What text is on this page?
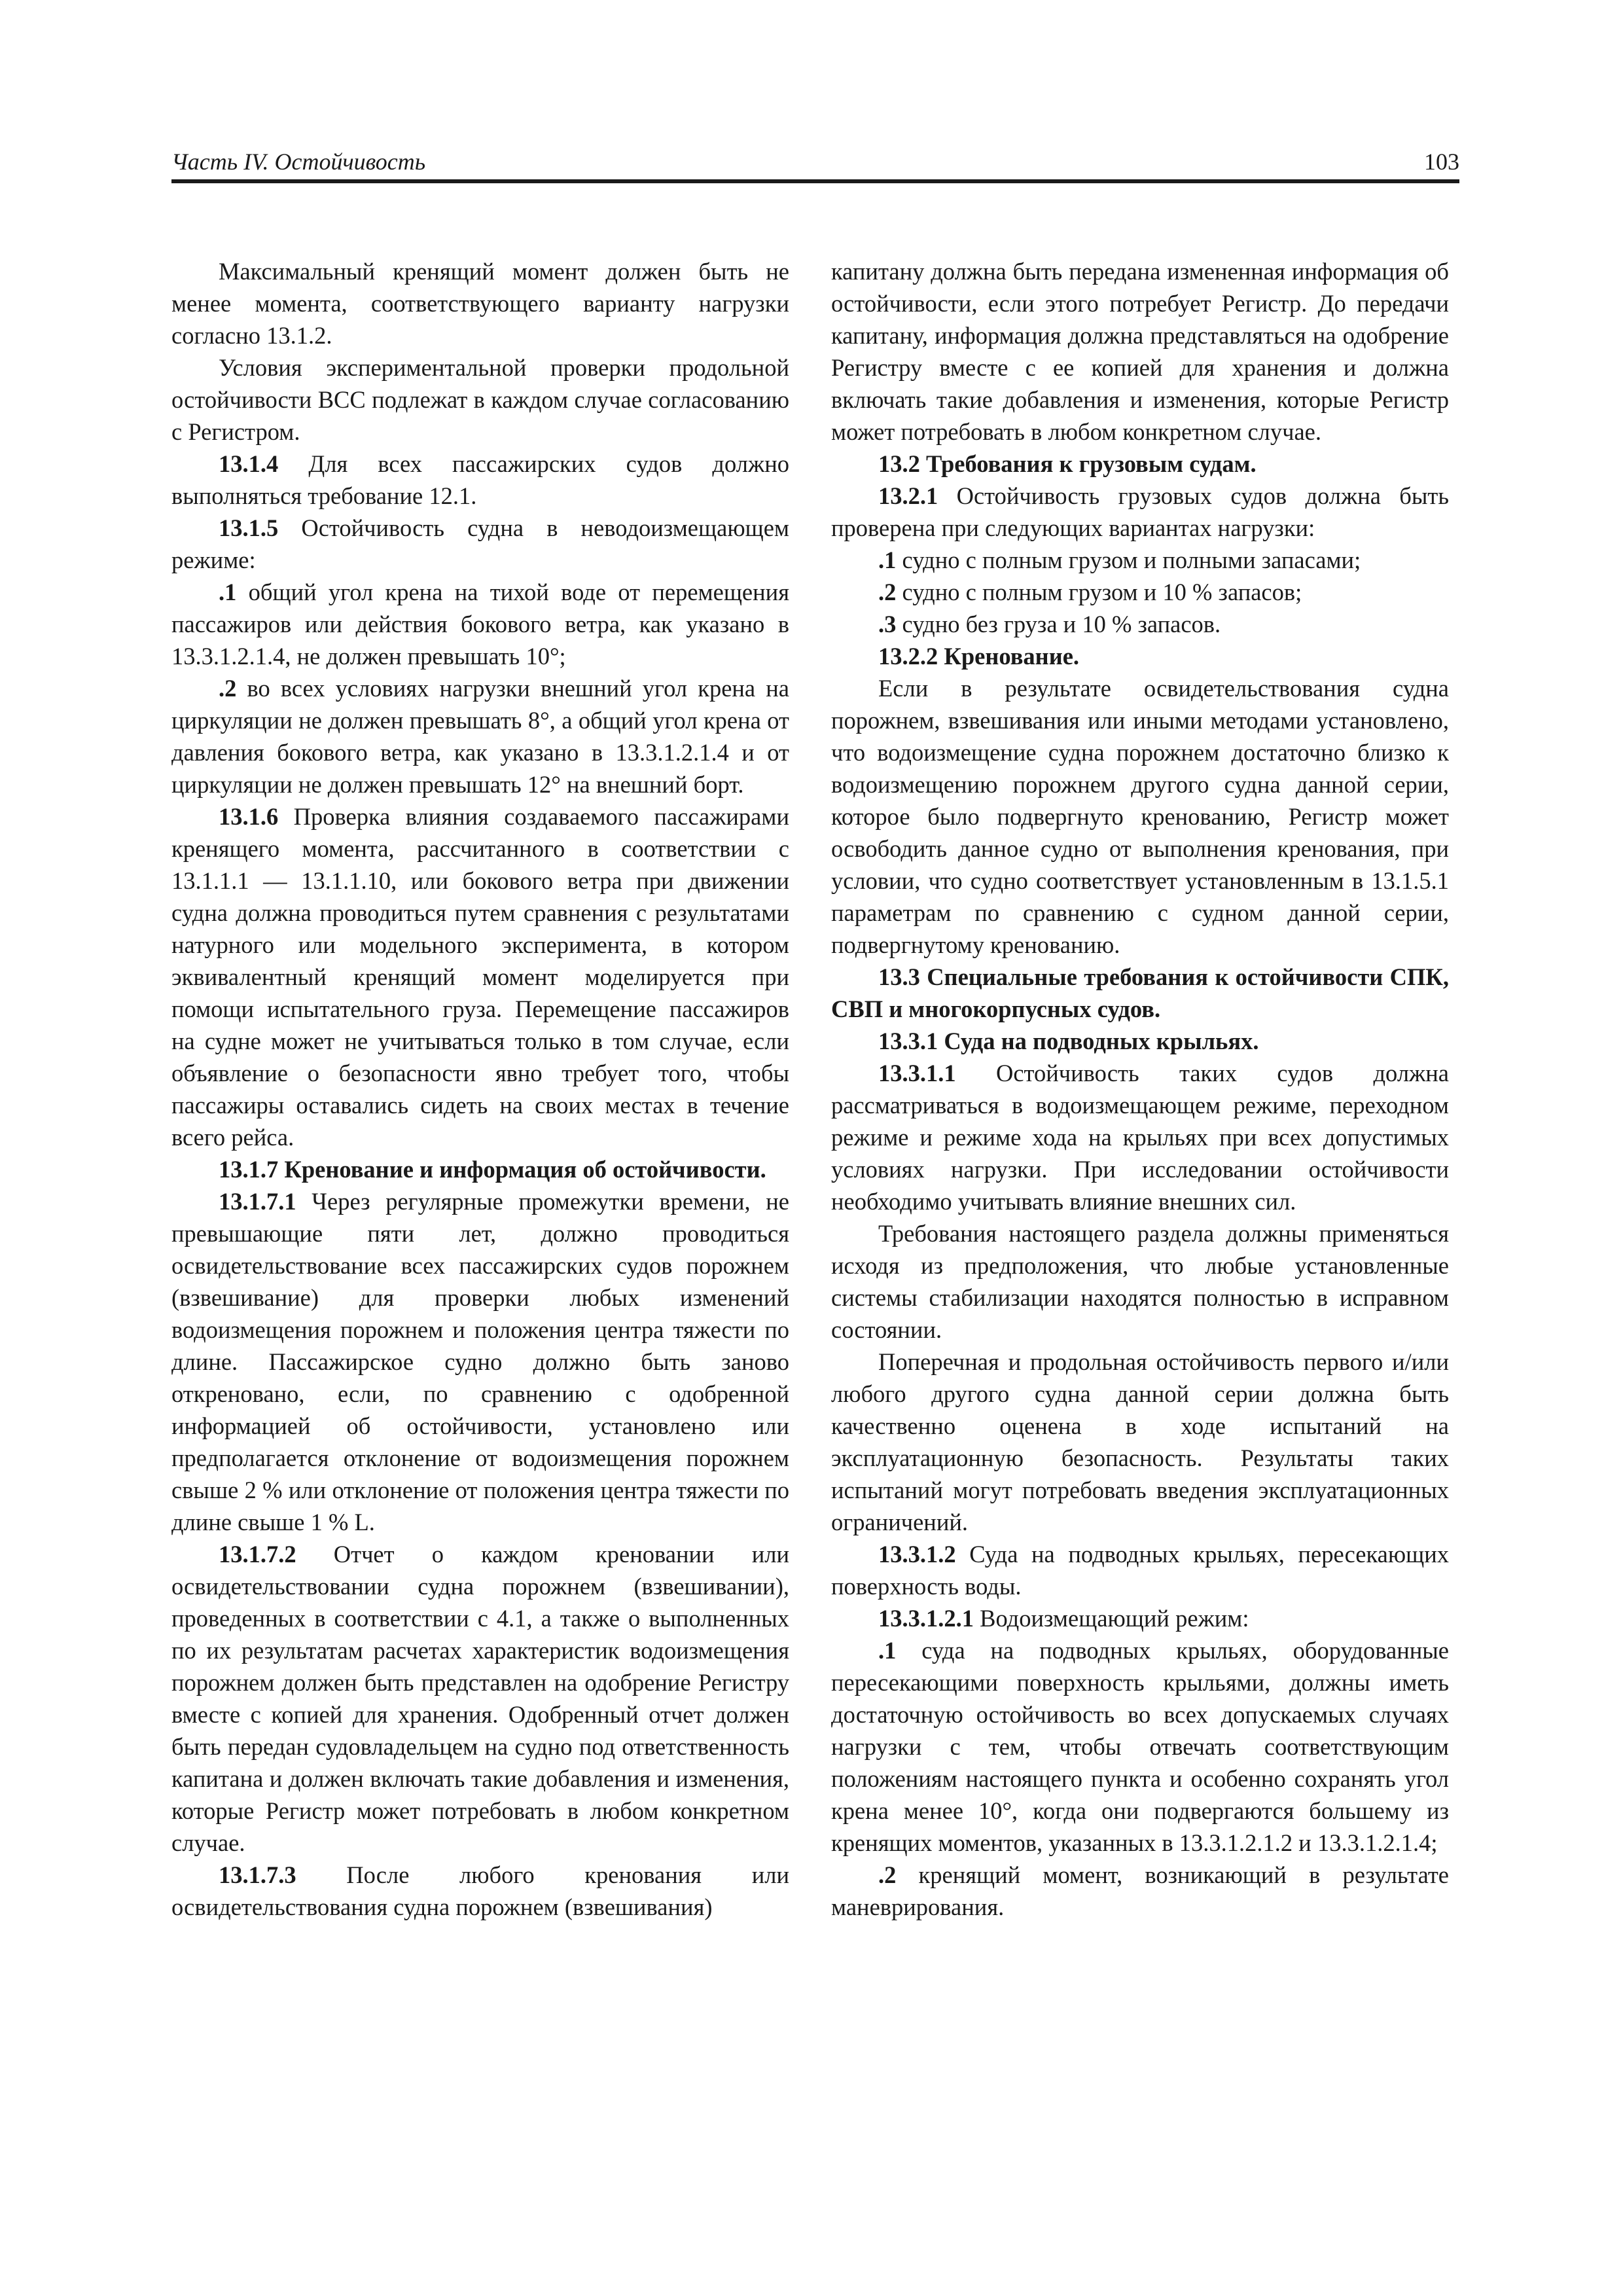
Часть IV. Остойчивость	103

Максимальный кренящий момент должен быть не менее момента, соответствующего варианту нагрузки согласно 13.1.2.

Условия экспериментальной проверки продольной остойчивости ВСС подлежат в каждом случае согласованию с Регистром.

13.1.4 Для всех пассажирских судов должно выполняться требование 12.1.

13.1.5 Остойчивость судна в неводоизмещающем режиме:

.1 общий угол крена на тихой воде от перемещения пассажиров или действия бокового ветра, как указано в 13.3.1.2.1.4, не должен превышать 10°;

.2 во всех условиях нагрузки внешний угол крена на циркуляции не должен превышать 8°, а общий угол крена от давления бокового ветра, как указано в 13.3.1.2.1.4 и от циркуляции не должен превышать 12° на внешний борт.

13.1.6 Проверка влияния создаваемого пассажирами кренящего момента, рассчитанного в соответствии с 13.1.1.1 — 13.1.1.10, или бокового ветра при движении судна должна проводиться путем сравнения с результатами натурного или модельного эксперимента, в котором эквивалентный кренящий момент моделируется при помощи испытательного груза. Перемещение пассажиров на судне может не учитываться только в том случае, если объявление о безопасности явно требует того, чтобы пассажиры оставались сидеть на своих местах в течение всего рейса.

13.1.7 Кренование и информация об остойчивости.

13.1.7.1 Через регулярные промежутки времени, не превышающие пяти лет, должно проводиться освидетельствование всех пассажирских судов порожнем (взвешивание) для проверки любых изменений водоизмещения порожнем и положения центра тяжести по длине. Пассажирское судно должно быть заново откреновано, если, по сравнению с одобренной информацией об остойчивости, установлено или предполагается отклонение от водоизмещения порожнем свыше 2 % или отклонение от положения центра тяжести по длине свыше 1 % L.

13.1.7.2 Отчет о каждом креновании или освидетельствовании судна порожнем (взвешивании), проведенных в соответствии с 4.1, а также о выполненных по их результатам расчетах характеристик водоизмещения порожнем должен быть представлен на одобрение Регистру вместе с копией для хранения. Одобренный отчет должен быть передан судовладельцем на судно под ответственность капитана и должен включать такие добавления и изменения, которые Регистр может потребовать в любом конкретном случае.

13.1.7.3 После любого кренования или освидетельствования судна порожнем (взвешивания)

капитану должна быть передана измененная информация об остойчивости, если этого потребует Регистр. До передачи капитану, информация должна представляться на одобрение Регистру вместе с ее копией для хранения и должна включать такие добавления и изменения, которые Регистр может потребовать в любом конкретном случае.

13.2 Требования к грузовым судам.

13.2.1 Остойчивость грузовых судов должна быть проверена при следующих вариантах нагрузки:

.1 судно с полным грузом и полными запасами;

.2 судно с полным грузом и 10 % запасов;

.3 судно без груза и 10 % запасов.

13.2.2 Кренование.

Если в результате освидетельствования судна порожнем, взвешивания или иными методами установлено, что водоизмещение судна порожнем достаточно близко к водоизмещению порожнем другого судна данной серии, которое было подвергнуто кренованию, Регистр может освободить данное судно от выполнения кренования, при условии, что судно соответствует установленным в 13.1.5.1 параметрам по сравнению с судном данной серии, подвергнутому кренованию.

13.3 Специальные требования к остойчивости СПК, СВП и многокорпусных судов.

13.3.1 Суда на подводных крыльях.

13.3.1.1 Остойчивость таких судов должна рассматриваться в водоизмещающем режиме, переходном режиме и режиме хода на крыльях при всех допустимых условиях нагрузки. При исследовании остойчивости необходимо учитывать влияние внешних сил.

Требования настоящего раздела должны применяться исходя из предположения, что любые установленные системы стабилизации находятся полностью в исправном состоянии.

Поперечная и продольная остойчивость первого и/или любого другого судна данной серии должна быть качественно оценена в ходе испытаний на эксплуатационную безопасность. Результаты таких испытаний могут потребовать введения эксплуатационных ограничений.

13.3.1.2 Суда на подводных крыльях, пересекающих поверхность воды.

13.3.1.2.1 Водоизмещающий режим:

.1 суда на подводных крыльях, оборудованные пересекающими поверхность крыльями, должны иметь достаточную остойчивость во всех допускаемых случаях нагрузки с тем, чтобы отвечать соответствующим положениям настоящего пункта и особенно сохранять угол крена менее 10°, когда они подвергаются большему из кренящих моментов, указанных в 13.3.1.2.1.2 и 13.3.1.2.1.4;

.2 кренящий момент, возникающий в результате маневрирования.
